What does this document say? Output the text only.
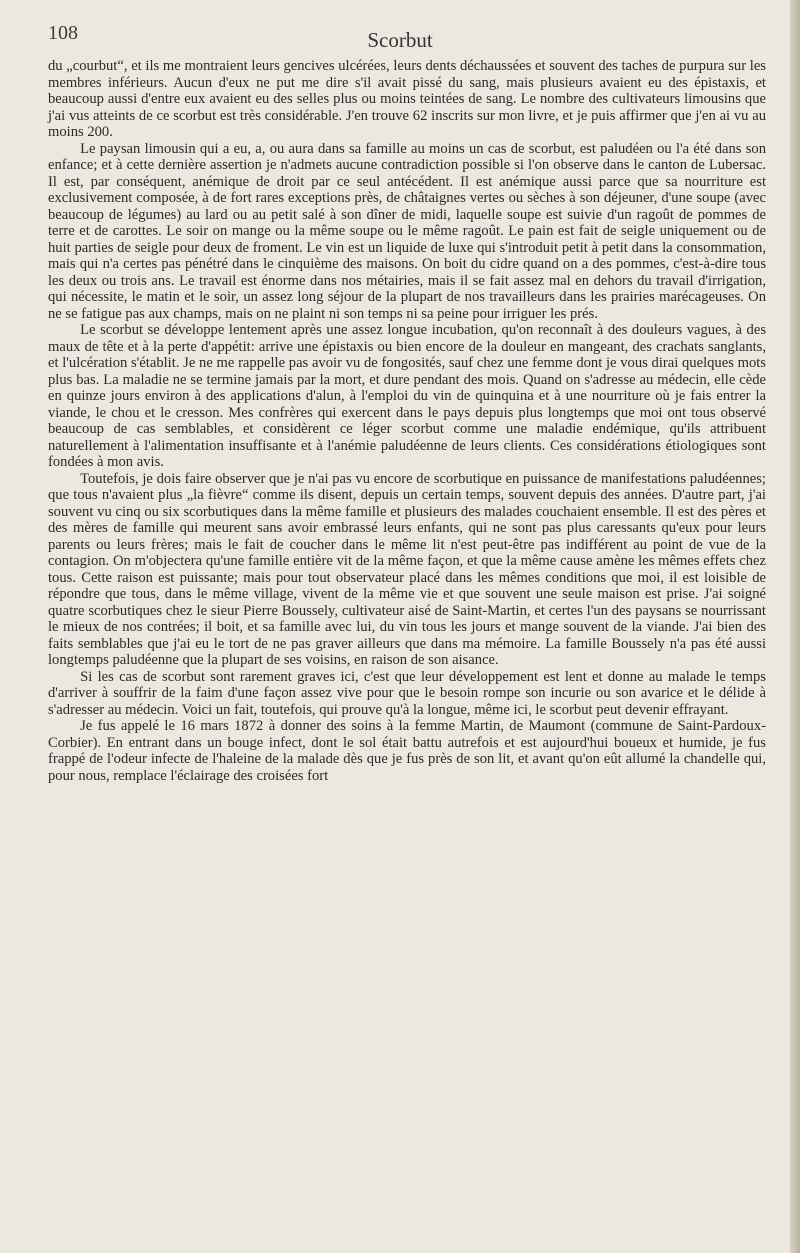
108	Scorbut

du „courbut“, et ils me montraient leurs gencives ulcérées, leurs dents déchaussées et souvent des taches de purpura sur les membres inférieurs. Aucun d'eux ne put me dire s'il avait pissé du sang, mais plusieurs avaient eu des épistaxis, et beaucoup aussi d'entre eux avaient eu des selles plus ou moins teintées de sang. Le nombre des cultivateurs limousins que j'ai vus atteints de ce scorbut est très considérable. J'en trouve 62 inscrits sur mon livre, et je puis affirmer que j'en ai vu au moins 200.

Le paysan limousin qui a eu, a, ou aura dans sa famille au moins un cas de scorbut, est paludéen ou l'a été dans son enfance; et à cette dernière assertion je n'admets aucune contradiction possible si l'on observe dans le canton de Lubersac. Il est, par conséquent, anémique de droit par ce seul antécédent. Il est anémique aussi parce que sa nourriture est exclusivement composée, à de fort rares exceptions près, de châtaignes vertes ou sèches à son déjeuner, d'une soupe (avec beaucoup de légumes) au lard ou au petit salé à son dîner de midi, laquelle soupe est suivie d'un ragoût de pommes de terre et de carottes. Le soir on mange ou la même soupe ou le même ragoût. Le pain est fait de seigle uniquement ou de huit parties de seigle pour deux de froment. Le vin est un liquide de luxe qui s'introduit petit à petit dans la consommation, mais qui n'a certes pas pénétré dans le cinquième des maisons. On boit du cidre quand on a des pommes, c'est-à-dire tous les deux ou trois ans. Le travail est énorme dans nos métairies, mais il se fait assez mal en dehors du travail d'irrigation, qui nécessite, le matin et le soir, un assez long séjour de la plupart de nos travailleurs dans les prairies marécageuses. On ne se fatigue pas aux champs, mais on ne plaint ni son temps ni sa peine pour irriguer les prés.

Le scorbut se développe lentement après une assez longue incubation, qu'on reconnaît à des douleurs vagues, à des maux de tête et à la perte d'appétit: arrive une épistaxis ou bien encore de la douleur en mangeant, des crachats sanglants, et l'ulcération s'établit. Je ne me rappelle pas avoir vu de fongosités, sauf chez une femme dont je vous dirai quelques mots plus bas. La maladie ne se termine jamais par la mort, et dure pendant des mois. Quand on s'adresse au médecin, elle cède en quinze jours environ à des applications d'alun, à l'emploi du vin de quinquina et à une nourriture où je fais entrer la viande, le chou et le cresson. Mes confrères qui exercent dans le pays depuis plus longtemps que moi ont tous observé beaucoup de cas semblables, et considèrent ce léger scorbut comme une maladie endémique, qu'ils attribuent naturellement à l'alimentation insuffisante et à l'anémie paludéenne de leurs clients. Ces considérations étiologiques sont fondées à mon avis.

Toutefois, je dois faire observer que je n'ai pas vu encore de scorbutique en puissance de manifestations paludéennes; que tous n'avaient plus „la fièvre“ comme ils disent, depuis un certain temps, souvent depuis des années. D'autre part, j'ai souvent vu cinq ou six scorbutiques dans la même famille et plusieurs des malades couchaient ensemble. Il est des pères et des mères de famille qui meurent sans avoir embrassé leurs enfants, qui ne sont pas plus caressants qu'eux pour leurs parents ou leurs frères; mais le fait de coucher dans le même lit n'est peut-être pas indifférent au point de vue de la contagion. On m'objectera qu'une famille entière vit de la même façon, et que la même cause amène les mêmes effets chez tous. Cette raison est puissante; mais pour tout observateur placé dans les mêmes conditions que moi, il est loisible de répondre que tous, dans le même village, vivent de la même vie et que souvent une seule maison est prise. J'ai soigné quatre scorbutiques chez le sieur Pierre Boussely, cultivateur aisé de Saint-Martin, et certes l'un des paysans se nourrissant le mieux de nos contrées; il boit, et sa famille avec lui, du vin tous les jours et mange souvent de la viande. J'ai bien des faits semblables que j'ai eu le tort de ne pas graver ailleurs que dans ma mémoire. La famille Boussely n'a pas été aussi longtemps paludéenne que la plupart de ses voisins, en raison de son aisance.

Si les cas de scorbut sont rarement graves ici, c'est que leur développement est lent et donne au malade le temps d'arriver à souffrir de la faim d'une façon assez vive pour que le besoin rompe son incurie ou son avarice et le délide à s'adresser au médecin. Voici un fait, toutefois, qui prouve qu'à la longue, même ici, le scorbut peut devenir effrayant.

Je fus appelé le 16 mars 1872 à donner des soins à la femme Martin, de Maumont (commune de Saint-Pardoux-Corbier). En entrant dans un bouge infect, dont le sol était battu autrefois et est aujourd'hui boueux et humide, je fus frappé de l'odeur infecte de l'haleine de la malade dès que je fus près de son lit, et avant qu'on eût allumé la chandelle qui, pour nous, remplace l'éclairage des croisées fort
